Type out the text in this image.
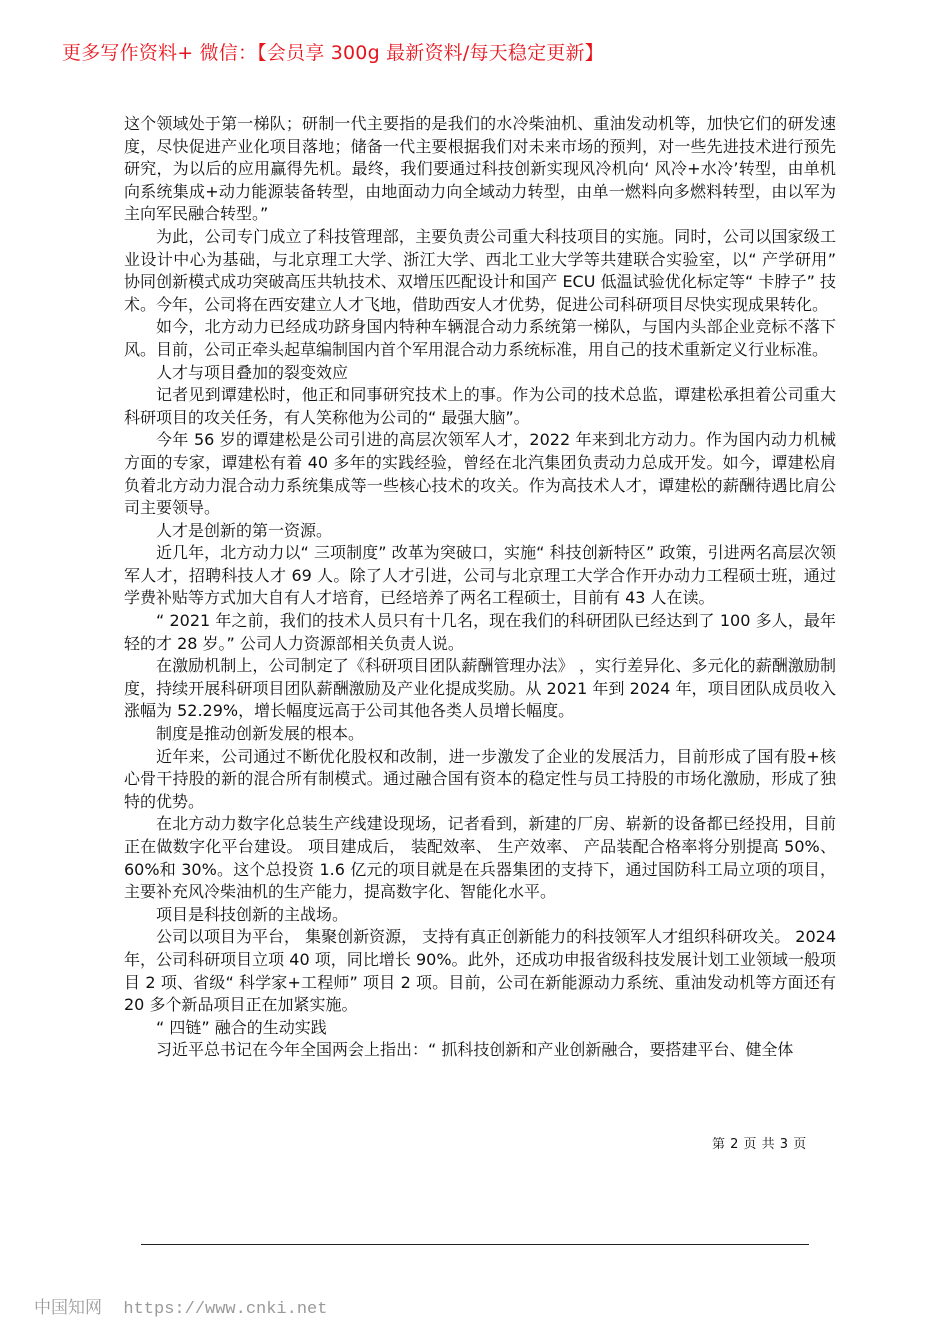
更多写作资料+ 微信：【会员享 300g 最新资料/每天稳定更新】

这个领域处于第一梯队；研制一代主要指的是我们的水冷柴油机、重油发动机等，加快它们的研发速度，尽快促进产业化项目落地；储备一代主要根据我们对未来市场的预判，对一些先进技术进行预先研究，为以后的应用赢得先机。最终，我们要通过科技创新实现风冷机向‘ 风冷+水冷’转型，由单机向系统集成+动力能源装备转型，由地面动力向全域动力转型，由单一燃料向多燃料转型，由以军为主向军民融合转型。”

为此，公司专门成立了科技管理部，主要负责公司重大科技项目的实施。同时，公司以国家级工业设计中心为基础，与北京理工大学、浙江大学、西北工业大学等共建联合实验室，以“ 产学研用” 协同创新模式成功突破高压共轨技术、双增压匹配设计和国产 ECU 低温试验优化标定等“ 卡脖子” 技术。今年，公司将在西安建立人才飞地，借助西安人才优势，促进公司科研项目尽快实现成果转化。

如今，北方动力已经成功跻身国内特种车辆混合动力系统第一梯队，与国内头部企业竞标不落下风。目前，公司正牵头起草编制国内首个军用混合动力系统标准，用自己的技术重新定义行业标准。

人才与项目叠加的裂变效应

记者见到谭建松时，他正和同事研究技术上的事。作为公司的技术总监，谭建松承担着公司重大科研项目的攻关任务，有人笑称他为公司的“ 最强大脑”。

今年 56 岁的谭建松是公司引进的高层次领军人才，2022 年来到北方动力。作为国内动力机械方面的专家，谭建松有着 40 多年的实践经验，曾经在北汽集团负责动力总成开发。如今，谭建松肩负着北方动力混合动力系统集成等一些核心技术的攻关。作为高技术人才，谭建松的薪酬待遇比肩公司主要领导。

人才是创新的第一资源。

近几年，北方动力以“ 三项制度” 改革为突破口，实施“ 科技创新特区” 政策，引进两名高层次领军人才，招聘科技人才 69 人。除了人才引进，公司与北京理工大学合作开办动力工程硕士班，通过学费补贴等方式加大自有人才培育，已经培养了两名工程硕士，目前有 43 人在读。

“ 2021 年之前，我们的技术人员只有十几名，现在我们的科研团队已经达到了 100 多人，最年轻的才 28 岁。” 公司人力资源部相关负责人说。

在激励机制上，公司制定了《科研项目团队薪酬管理办法》 ，实行差异化、多元化的薪酬激励制度，持续开展科研项目团队薪酬激励及产业化提成奖励。从 2021 年到 2024 年，项目团队成员收入涨幅为 52.29%，增长幅度远高于公司其他各类人员增长幅度。

制度是推动创新发展的根本。

近年来，公司通过不断优化股权和改制，进一步激发了企业的发展活力，目前形成了国有股+核心骨干持股的新的混合所有制模式。通过融合国有资本的稳定性与员工持股的市场化激励，形成了独特的优势。

在北方动力数字化总装生产线建设现场，记者看到，新建的厂房、崭新的设备都已经投用，目前正在做数字化平台建设。 项目建成后， 装配效率、 生产效率、 产品装配合格率将分别提高 50%、60%和 30%。这个总投资 1.6 亿元的项目就是在兵器集团的支持下，通过国防科工局立项的项目，主要补充风冷柴油机的生产能力，提高数字化、智能化水平。

项目是科技创新的主战场。

公司以项目为平台， 集聚创新资源， 支持有真正创新能力的科技领军人才组织科研攻关。 2024 年，公司科研项目立项 40 项，同比增长 90%。此外，还成功申报省级科技发展计划工业领域一般项目 2 项、省级“ 科学家+工程师” 项目 2 项。目前，公司在新能源动力系统、重油发动机等方面还有 20 多个新品项目正在加紧实施。

“ 四链” 融合的生动实践

习近平总书记在今年全国两会上指出：“ 抓科技创新和产业创新融合，要搭建平台、健全体

第 2 页 共 3 页
中国知网 https://www.cnki.net
